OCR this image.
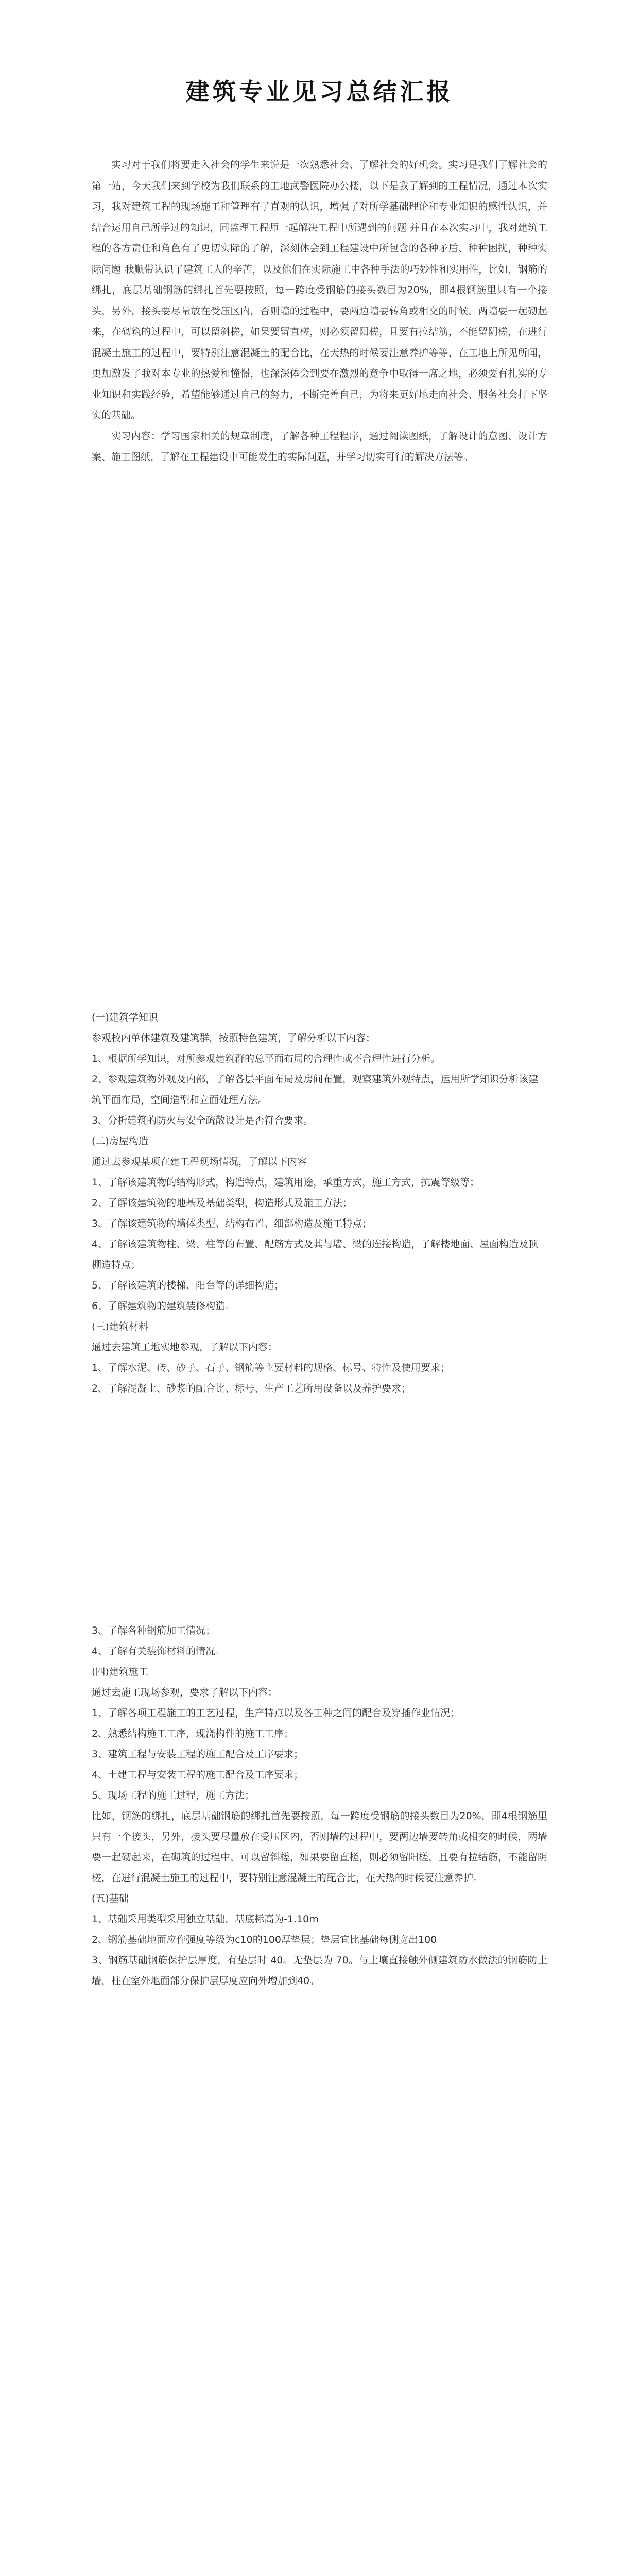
建筑专业见习总结汇报

实习对于我们将要走入社会的学生来说是一次熟悉社会、了解社会的好机会。实习是我们了解社会的第一站，今天我们来到学校为我们联系的工地武警医院办公楼，以下是我了解到的工程情况，通过本次实习，我对建筑工程的现场施工和管理有了直观的认识，增强了对所学基础理论和专业知识的感性认识，并结合运用自己所学过的知识，同监理工程师一起解决工程中所遇到的问题 并且在本次实习中，我对建筑工程的各方责任和角色有了更切实际的了解，深刻体会到工程建设中所包含的各种矛盾、种种困扰，种种实际问题 我顺带认识了建筑工人的辛苦，以及他们在实际施工中各种手法的巧妙性和实用性，比如，钢筋的绑扎，底层基础钢筋的绑扎首先要按照，每一跨度受钢筋的接头数目为20%，即4根钢筋里只有一个接头，另外，接头要尽量放在受压区内，否则墙的过程中，要两边墙要转角或相交的时候，两墙要一起砌起来，在砌筑的过程中，可以留斜槎，如果要留直槎，则必须留阳槎，且要有拉结筋，不能留阴槎，在进行混凝土施工的过程中，要特别注意混凝土的配合比，在天热的时候要注意养护等等，在工地上所见所闻，更加激发了我对本专业的热爱和憧憬，也深深体会到要在激烈的竞争中取得一席之地，必须要有扎实的专业知识和实践经验，希望能够通过自己的努力，不断完善自己，为将来更好地走向社会、服务社会打下坚实的基础。

实习内容：学习国家相关的规章制度，了解各种工程程序，通过阅读图纸，了解设计的意图、设计方案、施工图纸，了解在工程建设中可能发生的实际问题，并学习切实可行的解决方法等。

(一)建筑学知识
参观校内单体建筑及建筑群，按照特色建筑，了解分析以下内容：
1、根据所学知识，对所参观建筑群的总平面布局的合理性或不合理性进行分析。
2、参观建筑物外观及内部，了解各层平面布局及房间布置，观察建筑外观特点，运用所学知识分析该建筑平面布局，空间造型和立面处理方法。
3、分析建筑的防火与安全疏散设计是否符合要求。
(二)房屋构造
通过去参观某项在建工程现场情况，了解以下内容
1、了解该建筑物的结构形式，构造特点，建筑用途，承重方式，施工方式，抗震等级等；
2、了解该建筑物的地基及基础类型，构造形式及施工方法；
3、了解该建筑物的墙体类型、结构布置、细部构造及施工特点；
4、了解该建筑物柱、梁、柱等的布置、配筋方式及其与墙、梁的连接构造，了解楼地面、屋面构造及顶棚造特点；
5、了解该建筑的楼梯、阳台等的详细构造；
6、了解建筑物的建筑装修构造。
(三)建筑材料
通过去建筑工地实地参观，了解以下内容：
1、了解水泥、砖、砂子、石子、钢筋等主要材料的规格、标号、特性及使用要求；
2、了解混凝土、砂浆的配合比、标号、生产工艺所用设备以及养护要求；
3、了解各种钢筋加工情况；
4、了解有关装饰材料的情况。
(四)建筑施工
通过去施工现场参观，要求了解以下内容：
1、了解各项工程施工的工艺过程，生产特点以及各工种之间的配合及穿插作业情况；
2、熟悉结构施工工序，现浇构件的施工工序；
3、建筑工程与安装工程的施工配合及工序要求；
4、土建工程与安装工程的施工配合及工序要求；
5、现场工程的施工过程，施工方法；
比如，钢筋的绑扎，底层基础钢筋的绑扎首先要按照，每一跨度受钢筋的接头数目为20%，即4根钢筋里只有一个接头，另外，接头要尽量放在受压区内，否则墙的过程中，要两边墙要转角或相交的时候，两墙要一起砌起来，在砌筑的过程中，可以留斜槎，如果要留直槎，则必须留阳槎，且要有拉结筋，不能留阴槎，在进行混凝土施工的过程中，要特别注意混凝土的配合比，在天热的时候要注意养护。
(五)基础
1、基础采用类型采用独立基础，基底标高为-1.10m
2、钢筋基础地面应作强度等级为c10的100厚垫层；垫层宜比基础每侧宽出100
3、钢筋基础钢筋保护层厚度，有垫层时 40。无垫层为 70。与土壤直接触外侧建筑防水做法的钢筋防土墙，柱在室外地面部分保护层厚度应向外增加到40。
